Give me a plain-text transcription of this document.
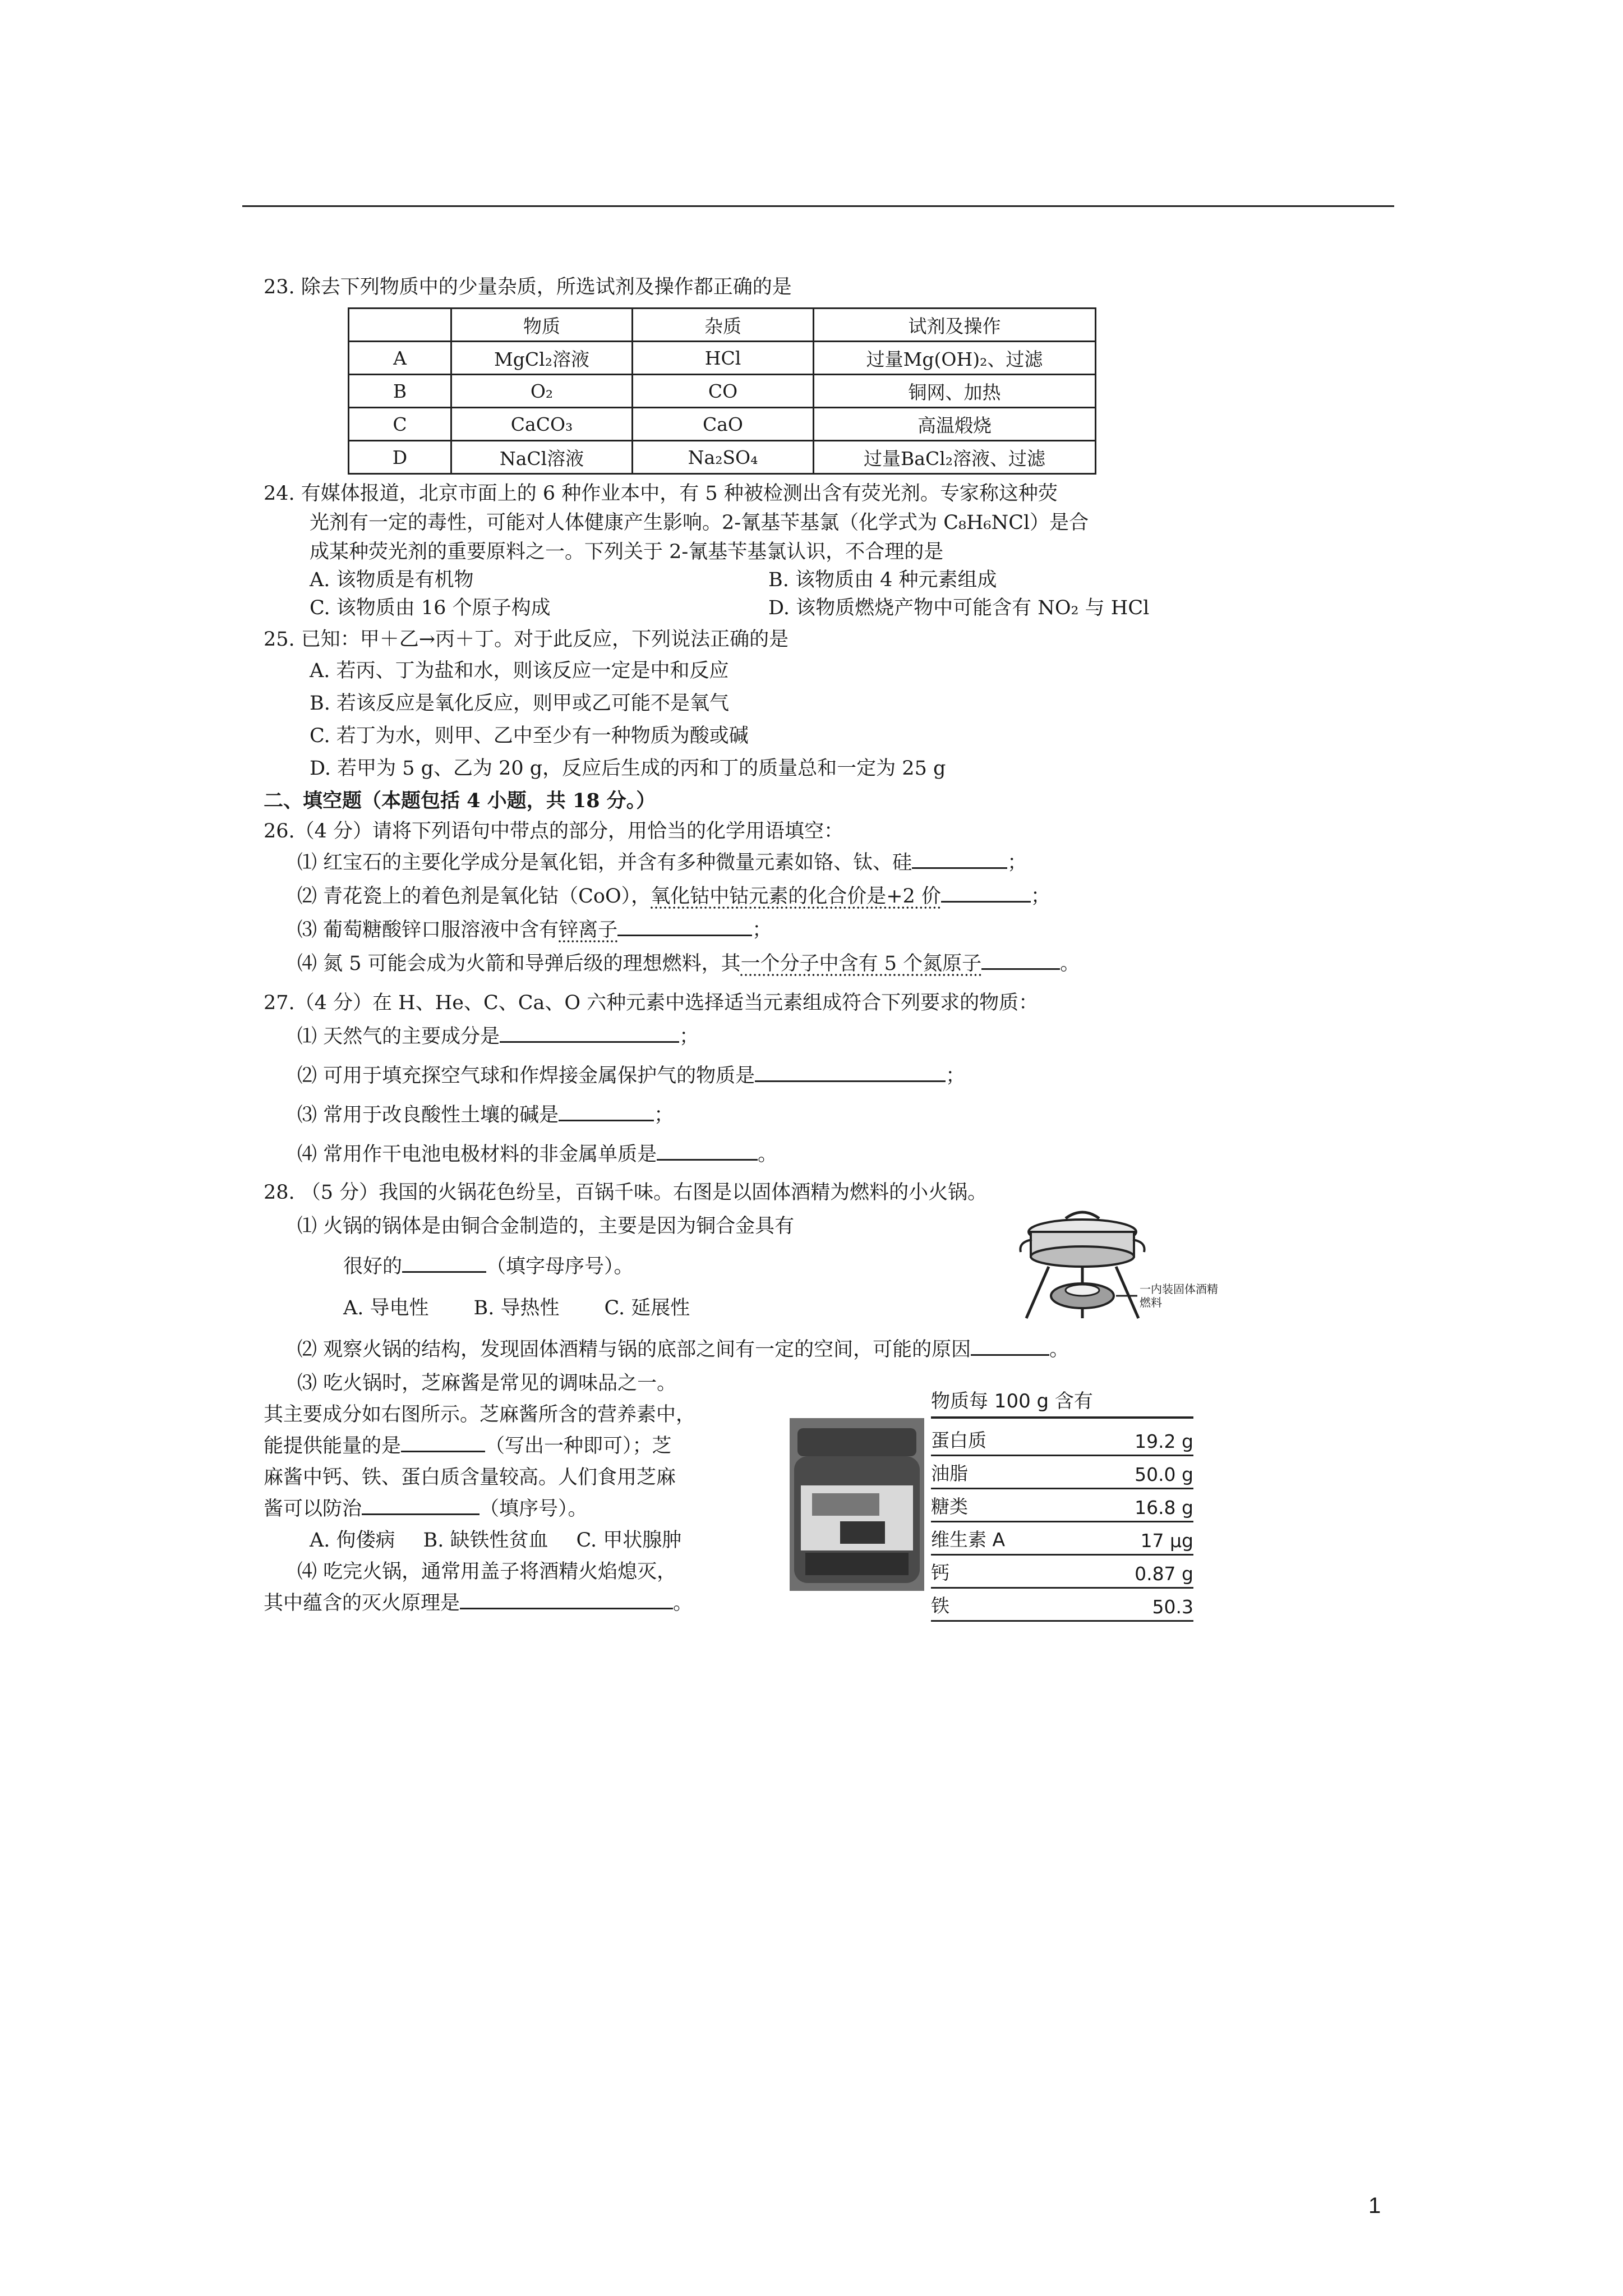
23. 除去下列物质中的少量杂质，所选试剂及操作都正确的是
	物质	杂质	试剂及操作
A	MgCl₂溶液	HCl	过量Mg(OH)₂、过滤
B	O₂	CO	铜网、加热
C	CaCO₃	CaO	高温煅烧
D	NaCl溶液	Na₂SO₄	过量BaCl₂溶液、过滤
24. 有媒体报道，北京市面上的 6 种作业本中，有 5 种被检测出含有荧光剂。专家称这种荧
光剂有一定的毒性，可能对人体健康产生影响。2-氰基苄基氯（化学式为 C₈H₆NCl）是合
成某种荧光剂的重要原料之一。下列关于 2-氰基苄基氯认识，不合理的是
A. 该物质是有机物	B. 该物质由 4 种元素组成
C. 该物质由 16 个原子构成	D. 该物质燃烧产物中可能含有 NO₂ 与 HCl
25. 已知：甲＋乙→丙＋丁。对于此反应，下列说法正确的是
A. 若丙、丁为盐和水，则该反应一定是中和反应
B. 若该反应是氧化反应，则甲或乙可能不是氧气
C. 若丁为水，则甲、乙中至少有一种物质为酸或碱
D. 若甲为 5 g、乙为 20 g，反应后生成的丙和丁的质量总和一定为 25 g
二、填空题（本题包括 4 小题，共 18 分。）
26.（4 分）请将下列语句中带点的部分，用恰当的化学用语填空：
⑴ 红宝石的主要化学成分是氧化铝，并含有多种微量元素如铬、钛、硅	；
⑵ 青花瓷上的着色剂是氧化钴（CoO），氧化钴中钴元素的化合价是+2 价	；
⑶ 葡萄糖酸锌口服溶液中含有锌离子	；
⑷ 氮 5 可能会成为火箭和导弹后级的理想燃料，其一个分子中含有 5 个氮原子	。
27.（4 分）在 H、He、C、Ca、O 六种元素中选择适当元素组成符合下列要求的物质：
⑴ 天然气的主要成分是	；
⑵ 可用于填充探空气球和作焊接金属保护气的物质是	；
⑶ 常用于改良酸性土壤的碱是	；
⑷ 常用作干电池电极材料的非金属单质是	。
28. （5 分）我国的火锅花色纷呈，百锅千味。右图是以固体酒精为燃料的小火锅。
⑴ 火锅的锅体是由铜合金制造的，主要是因为铜合金具有
很好的	（填字母序号）。
A. 导电性 B. 导热性 C. 延展性
一内装固体酒精燃料
⑵ 观察火锅的结构，发现固体酒精与锅的底部之间有一定的空间，可能的原因	。
⑶ 吃火锅时，芝麻酱是常见的调味品之一。
其主要成分如右图所示。芝麻酱所含的营养素中，
能提供能量的是	（写出一种即可）；芝
麻酱中钙、铁、蛋白质含量较高。人们食用芝麻
酱可以防治	（填序号）。
A. 佝偻病 B. 缺铁性贫血 C. 甲状腺肿
⑷ 吃完火锅，通常用盖子将酒精火焰熄灭，
其中蕴含的灭火原理是	。
物质每 100 g 含有
蛋白质	19.2 g
油脂	50.0 g
糖类	16.8 g
维生素 A	17 μg
钙	0.87 g
铁	50.3
1
